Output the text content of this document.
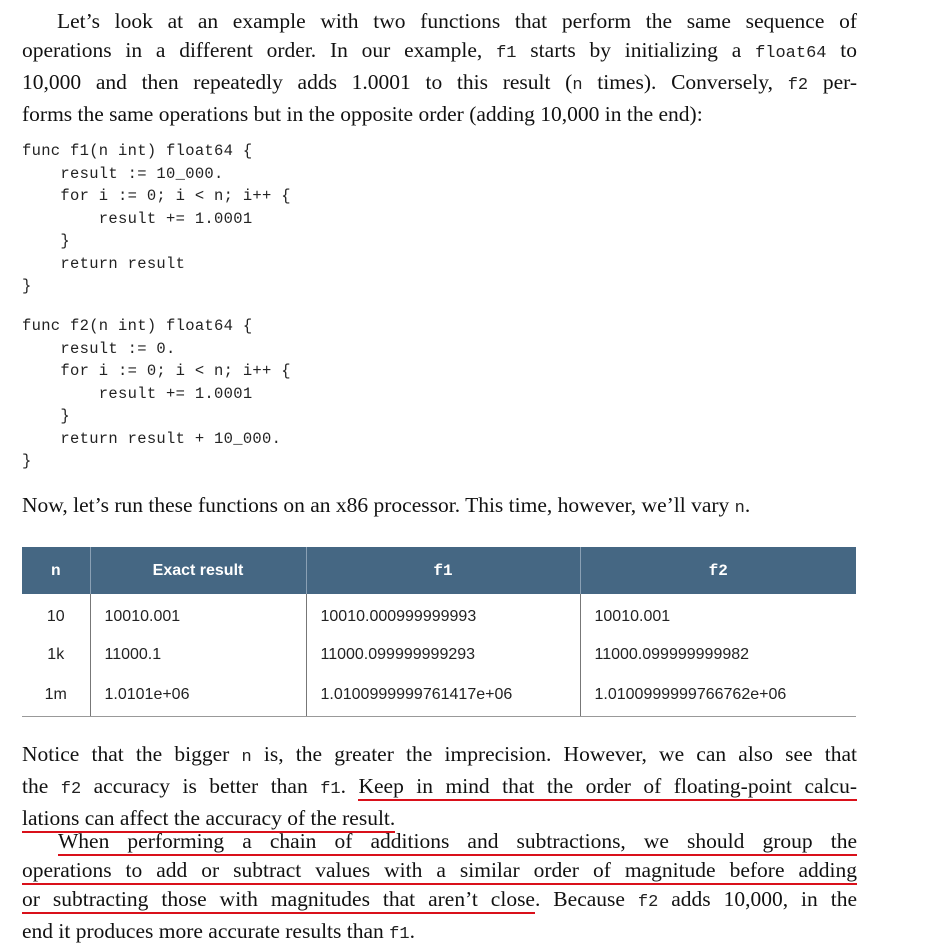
Let’s look at an example with two functions that perform the same sequence of
operations in a different order. In our example, f1 starts by initializing a float64 to
10,000 and then repeatedly adds 1.0001 to this result (n times). Conversely, f2 per-
forms the same operations but in the opposite order (adding 10,000 in the end):
func f1(n int) float64 {
result := 10_000.
for i := 0; i < n; i++ {
result += 1.0001
}
return result
}

func f2(n int) float64 {
result := 0.
for i := 0; i < n; i++ {
result += 1.0001
}
return result + 10_000.
}

Now, let’s run these functions on an x86 processor. This time, however, we’ll vary n.
n	Exact result	f1	f2
10	10010.001	10010.000999999993	10010.001
1k	11000.1	11000.099999999293	11000.099999999982
1m	1.0101e+06	1.0100999999761417e+06	1.0100999999766762e+06
Notice that the bigger n is, the greater the imprecision. However, we can also see that
the f2 accuracy is better than f1. Keep in mind that the order of floating-point calcu-
lations can affect the accuracy of the result.
When performing a chain of additions and subtractions, we should group the
operations to add or subtract values with a similar order of magnitude before adding
or subtracting those with magnitudes that aren’t close. Because f2 adds 10,000, in the
end it produces more accurate results than f1.
